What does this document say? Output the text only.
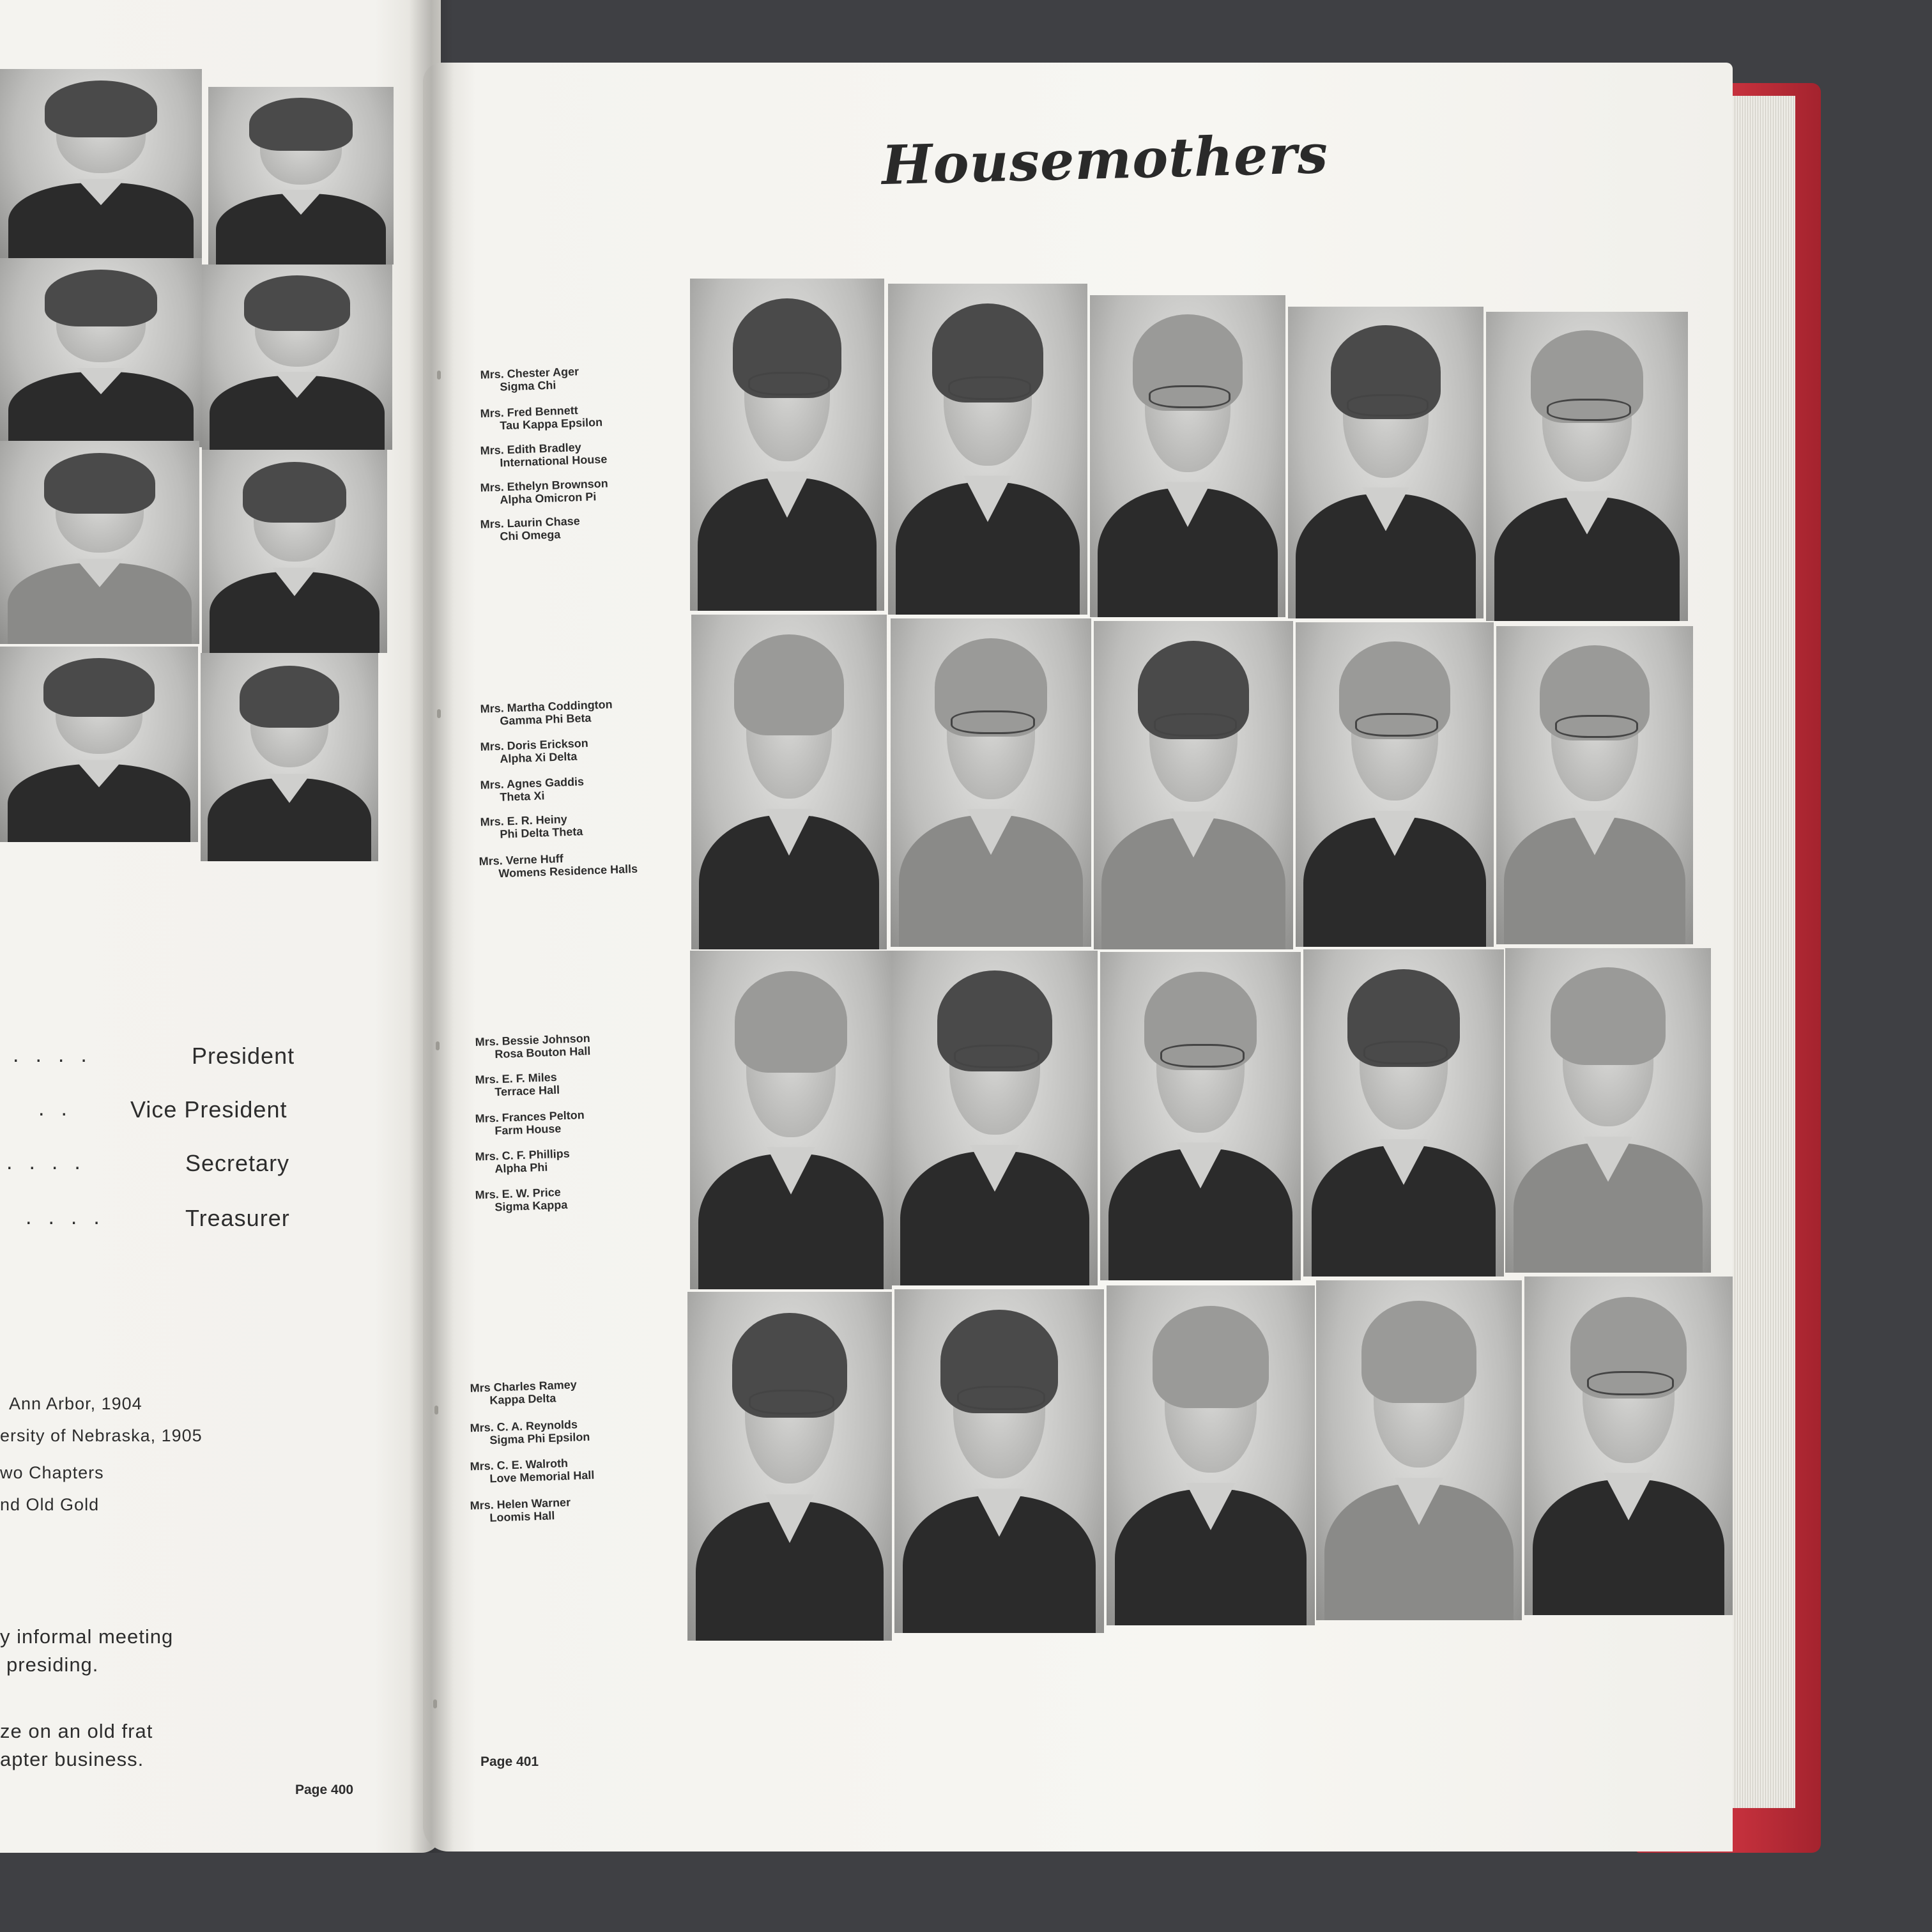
....	President
.. Vice President
....	Secretary
....	Treasurer
Ann Arbor, 1904
ersity of Nebraska, 1905
wo Chapters
nd Old Gold
y informal meeting
presiding.
ze on an old frat
apter business.
Page 400
Housemothers
Mrs. Chester Ager
Sigma Chi
Mrs. Fred Bennett
Tau Kappa Epsilon
Mrs. Edith Bradley
International House
Mrs. Ethelyn Brownson
Alpha Omicron Pi
Mrs. Laurin Chase
Chi Omega
Mrs. Martha Coddington
Gamma Phi Beta
Mrs. Doris Erickson
Alpha Xi Delta
Mrs. Agnes Gaddis
Theta Xi
Mrs. E. R. Heiny
Phi Delta Theta
Mrs. Verne Huff
Womens Residence Halls
Mrs. Bessie Johnson
Rosa Bouton Hall
Mrs. E. F. Miles
Terrace Hall
Mrs. Frances Pelton
Farm House
Mrs. C. F. Phillips
Alpha Phi
Mrs. E. W. Price
Sigma Kappa
Mrs Charles Ramey
Kappa Delta
Mrs. C. A. Reynolds
Sigma Phi Epsilon
Mrs. C. E. Walroth
Love Memorial Hall
Mrs. Helen Warner
Loomis Hall
Page 401
